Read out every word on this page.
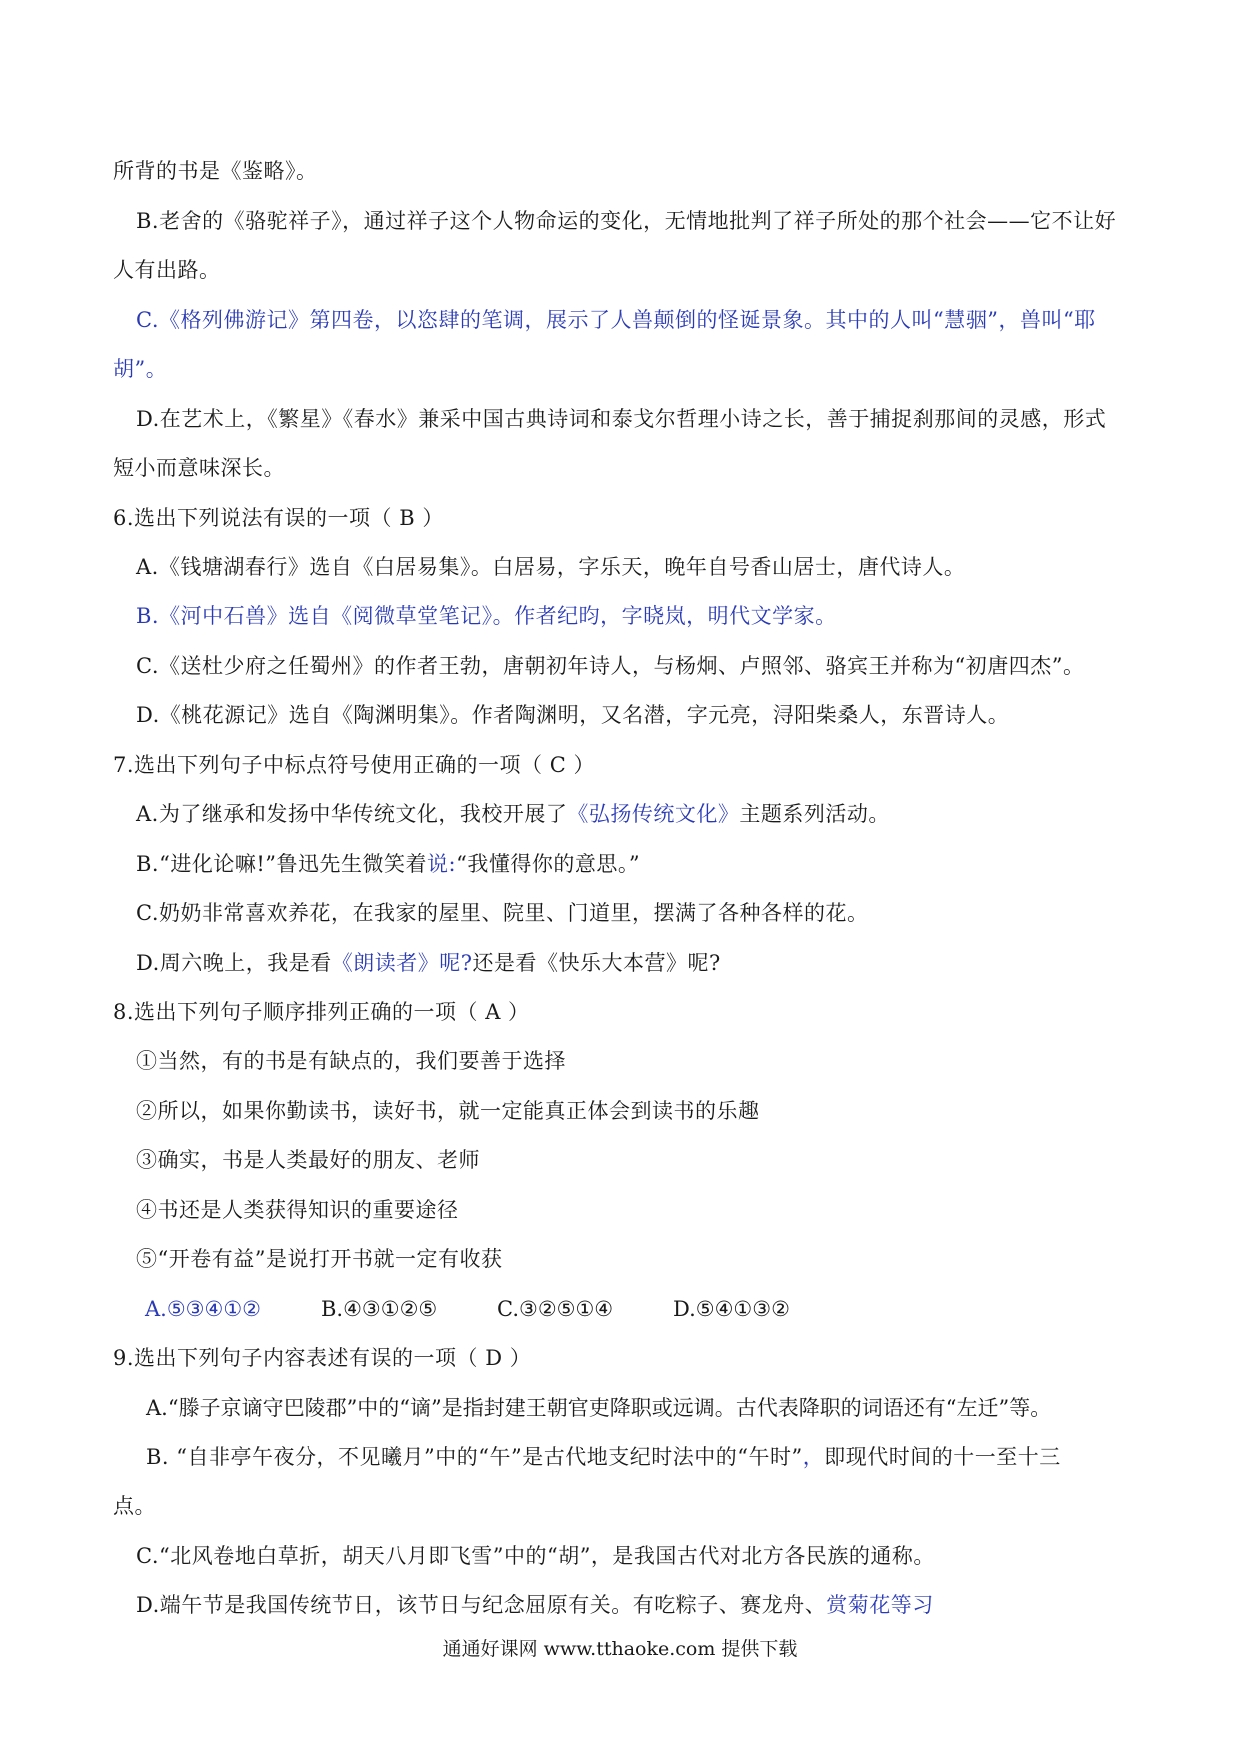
所背的书是《鉴略》。
B.老舍的《骆驼祥子》，通过祥子这个人物命运的变化，无情地批判了祥子所处的那个社会——它不让好
人有出路。
C.《格列佛游记》第四卷，以恣肆的笔调，展示了人兽颠倒的怪诞景象。其中的人叫“慧骃”，兽叫“耶
胡”。
D.在艺术上，《繁星》《春水》兼采中国古典诗词和泰戈尔哲理小诗之长，善于捕捉刹那间的灵感，形式
短小而意味深长。
6.选出下列说法有误的一项（ B ）
A.《钱塘湖春行》选自《白居易集》。白居易，字乐天，晚年自号香山居士，唐代诗人。
B.《河中石兽》选自《阅微草堂笔记》。作者纪昀，字晓岚，明代文学家。
C.《送杜少府之任蜀州》的作者王勃，唐朝初年诗人，与杨炯、卢照邻、骆宾王并称为“初唐四杰”。
D.《桃花源记》选自《陶渊明集》。作者陶渊明，又名潜，字元亮，浔阳柴桑人，东晋诗人。
7.选出下列句子中标点符号使用正确的一项（ C ）
A.为了继承和发扬中华传统文化，我校开展了《弘扬传统文化》主题系列活动。
B.“进化论嘛!”鲁迅先生微笑着说:“我懂得你的意思。”
C.奶奶非常喜欢养花，在我家的屋里、院里、门道里，摆满了各种各样的花。
D.周六晚上，我是看《朗读者》呢?还是看《快乐大本营》呢?
8.选出下列句子顺序排列正确的一项（ A ）
①当然，有的书是有缺点的，我们要善于选择
②所以，如果你勤读书，读好书，就一定能真正体会到读书的乐趣
③确实，书是人类最好的朋友、老师
④书还是人类获得知识的重要途径
⑤“开卷有益”是说打开书就一定有收获
A.⑤③④①②	B.④③①②⑤	C.③②⑤①④	D.⑤④①③②
9.选出下列句子内容表述有误的一项（ D ）
A.“滕子京谪守巴陵郡”中的“谪”是指封建王朝官吏降职或远调。古代表降职的词语还有“左迁”等。
B. “自非亭午夜分，不见曦月”中的“午”是古代地支纪时法中的“午时”，即现代时间的十一至十三
点。
C.“北风卷地白草折，胡天八月即飞雪”中的“胡”，是我国古代对北方各民族的通称。
D.端午节是我国传统节日，该节日与纪念屈原有关。有吃粽子、赛龙舟、赏菊花等习
通通好课网 www.tthaoke.com 提供下载
